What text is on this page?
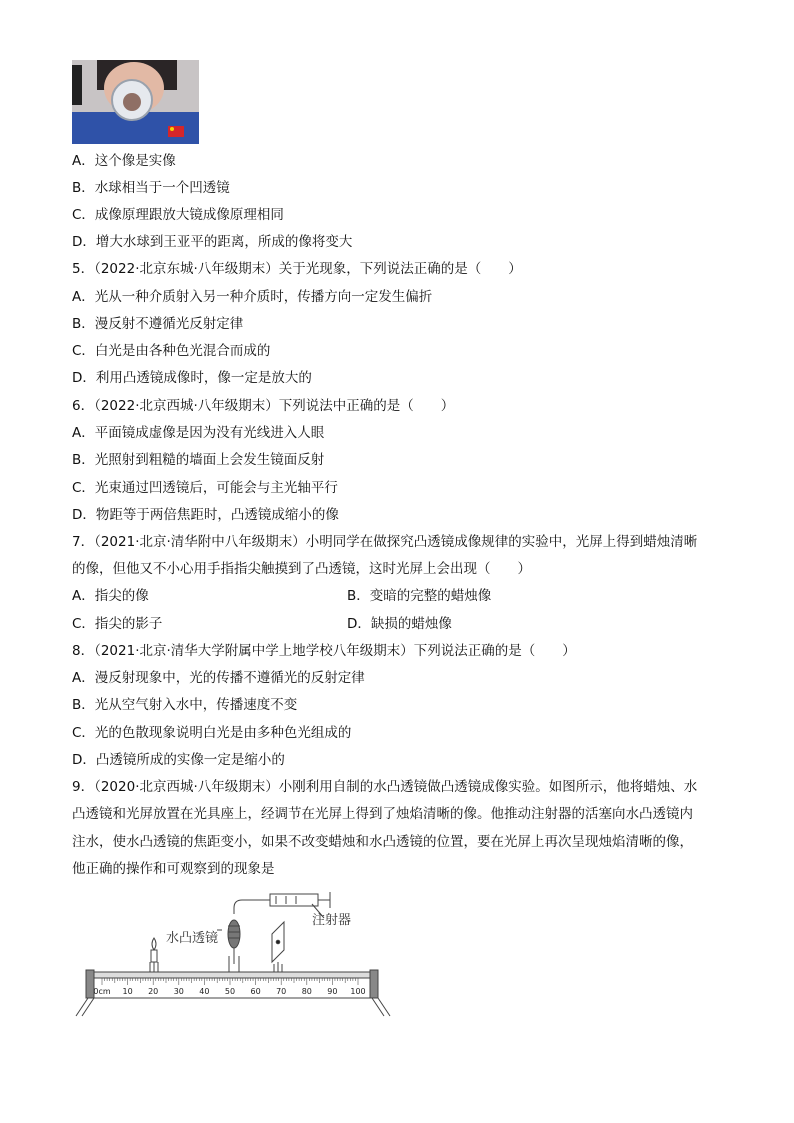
A．这个像是实像
B．水球相当于一个凹透镜
C．成像原理跟放大镜成像原理相同
D．增大水球到王亚平的距离，所成的像将变大
5．（2022·北京东城·八年级期末）关于光现象，下列说法正确的是（　　）
A．光从一种介质射入另一种介质时，传播方向一定发生偏折
B．漫反射不遵循光反射定律
C．白光是由各种色光混合而成的
D．利用凸透镜成像时，像一定是放大的
6．（2022·北京西城·八年级期末）下列说法中正确的是（　　）
A．平面镜成虚像是因为没有光线进入人眼
B．光照射到粗糙的墙面上会发生镜面反射
C．光束通过凹透镜后，可能会与主光轴平行
D．物距等于两倍焦距时，凸透镜成缩小的像
7．（2021·北京·清华附中八年级期末）小明同学在做探究凸透镜成像规律的实验中，光屏上得到蜡烛清晰
的像，但他又不小心用手指指尖触摸到了凸透镜，这时光屏上会出现（　　）
A．指尖的像	B．变暗的完整的蜡烛像
C．指尖的影子	D．缺损的蜡烛像
8．（2021·北京·清华大学附属中学上地学校八年级期末）下列说法正确的是（　　）
A．漫反射现象中，光的传播不遵循光的反射定律
B．光从空气射入水中，传播速度不变
C．光的色散现象说明白光是由多种色光组成的
D．凸透镜所成的实像一定是缩小的
9．（2020·北京西城·八年级期末）小刚利用自制的水凸透镜做凸透镜成像实验。如图所示，他将蜡烛、水
凸透镜和光屏放置在光具座上，经调节在光屏上得到了烛焰清晰的像。他推动注射器的活塞向水凸透镜内
注水，使水凸透镜的焦距变小，如果不改变蜡烛和水凸透镜的位置，要在光屏上再次呈现烛焰清晰的像，
他正确的操作和可观察到的现象是
注射器
水凸透镜
0cm 10 20 30 40 50 60 70 80 90 100
